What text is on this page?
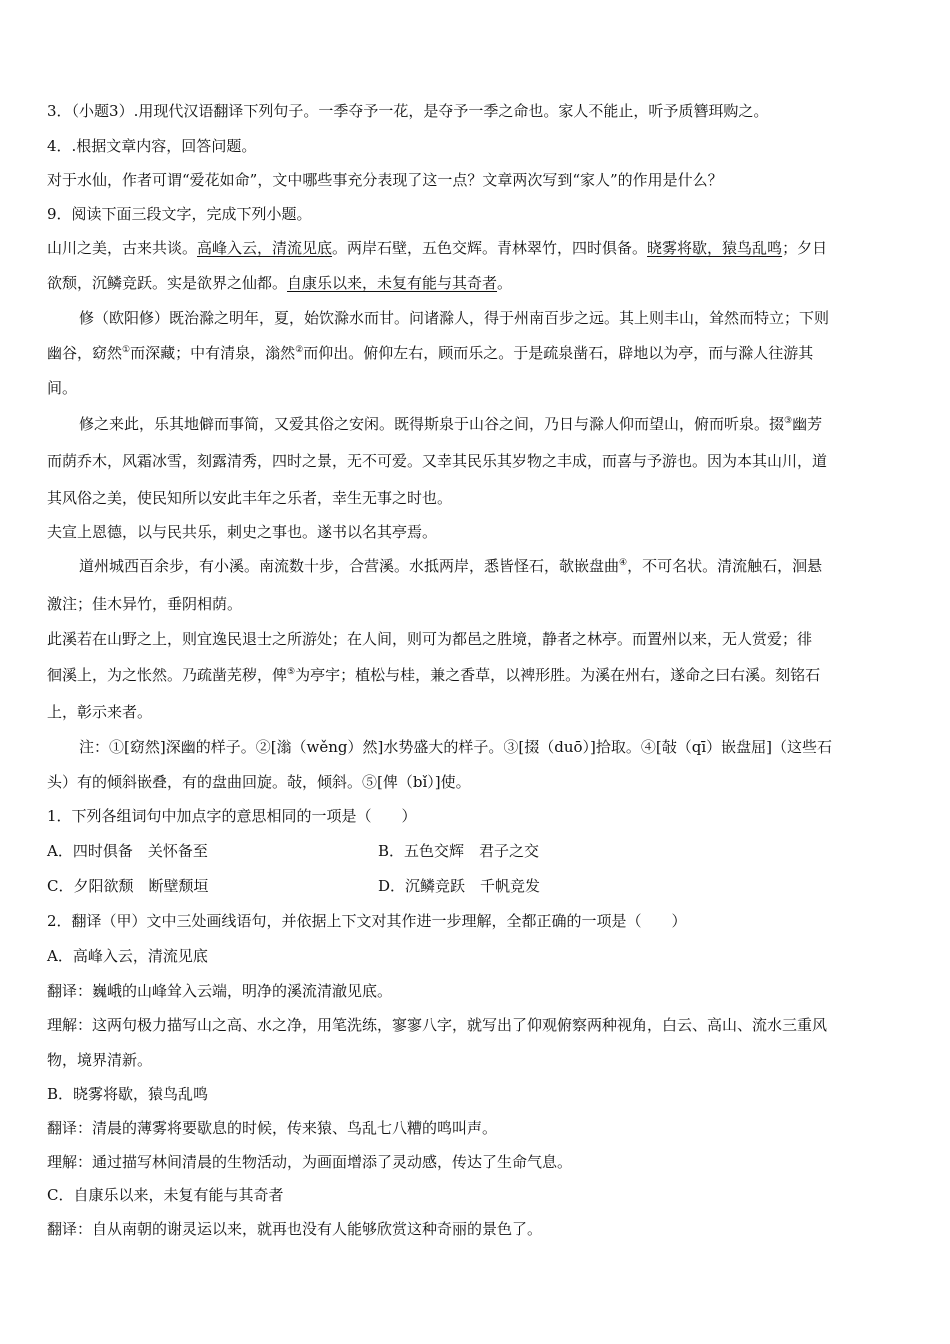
3．（小题3）.用现代汉语翻译下列句子。一季夺予一花，是夺予一季之命也。家人不能止，听予质簪珥购之。
4．.根据文章内容，回答问题。
对于水仙，作者可谓“爱花如命”，文中哪些事充分表现了这一点？文章两次写到“家人”的作用是什么？
9．阅读下面三段文字，完成下列小题。
山川之美，古来共谈。高峰入云，清流见底。两岸石壁，五色交辉。青林翠竹，四时俱备。晓雾将歇，猿鸟乱鸣；夕日
欲颓，沉鳞竞跃。实是欲界之仙都。自康乐以来，未复有能与其奇者。
修（欧阳修）既治滁之明年，夏，始饮滁水而甘。问诸滁人，得于州南百步之远。其上则丰山，耸然而特立；下则
幽谷，窈然①而深藏；中有清泉，滃然②而仰出。俯仰左右，顾而乐之。于是疏泉凿石，辟地以为亭，而与滁人往游其
间。
修之来此，乐其地僻而事简，又爱其俗之安闲。既得斯泉于山谷之间，乃日与滁人仰而望山，俯而听泉。掇③幽芳
而荫乔木，风霜冰雪，刻露清秀，四时之景，无不可爱。又幸其民乐其岁物之丰成，而喜与予游也。因为本其山川，道
其风俗之美，使民知所以安此丰年之乐者，幸生无事之时也。
夫宣上恩德，以与民共乐，刺史之事也。遂书以名其亭焉。
道州城西百余步，有小溪。南流数十步，合营溪。水抵两岸，悉皆怪石，欹嵌盘曲④，不可名状。清流触石，洄悬
激注；佳木异竹，垂阴相荫。
此溪若在山野之上，则宜逸民退士之所游处；在人间，则可为都邑之胜境，静者之林亭。而置州以来，无人赏爱；徘
徊溪上，为之怅然。乃疏凿芜秽，俾⑤为亭宇；植松与桂，兼之香草，以裨形胜。为溪在州右，遂命之曰右溪。刻铭石
上，彰示来者。
注：①[窈然]深幽的样子。②[滃（wěng）然]水势盛大的样子。③[掇（duō）]拾取。④[敧（qī）嵌盘屈]（这些石
头）有的倾斜嵌叠，有的盘曲回旋。敧，倾斜。⑤[俾（bǐ）]使。
1．下列各组词句中加点字的意思相同的一项是（　　）
A．四时俱备　关怀备至	B．五色交辉　君子之交
C．夕阳欲颓　断壁颓垣	D．沉鳞竞跃　千帆竞发
2．翻译（甲）文中三处画线语句，并依据上下文对其作进一步理解，全都正确的一项是（　　）
A．高峰入云，清流见底
翻译：巍峨的山峰耸入云端，明净的溪流清澈见底。
理解：这两句极力描写山之高、水之净，用笔洗练，寥寥八字，就写出了仰观俯察两种视角，白云、高山、流水三重风
物，境界清新。
B．晓雾将歇，猿鸟乱鸣
翻译：清晨的薄雾将要歇息的时候，传来猿、鸟乱七八糟的鸣叫声。
理解：通过描写林间清晨的生物活动，为画面增添了灵动感，传达了生命气息。
C．自康乐以来，未复有能与其奇者
翻译：自从南朝的谢灵运以来，就再也没有人能够欣赏这种奇丽的景色了。
